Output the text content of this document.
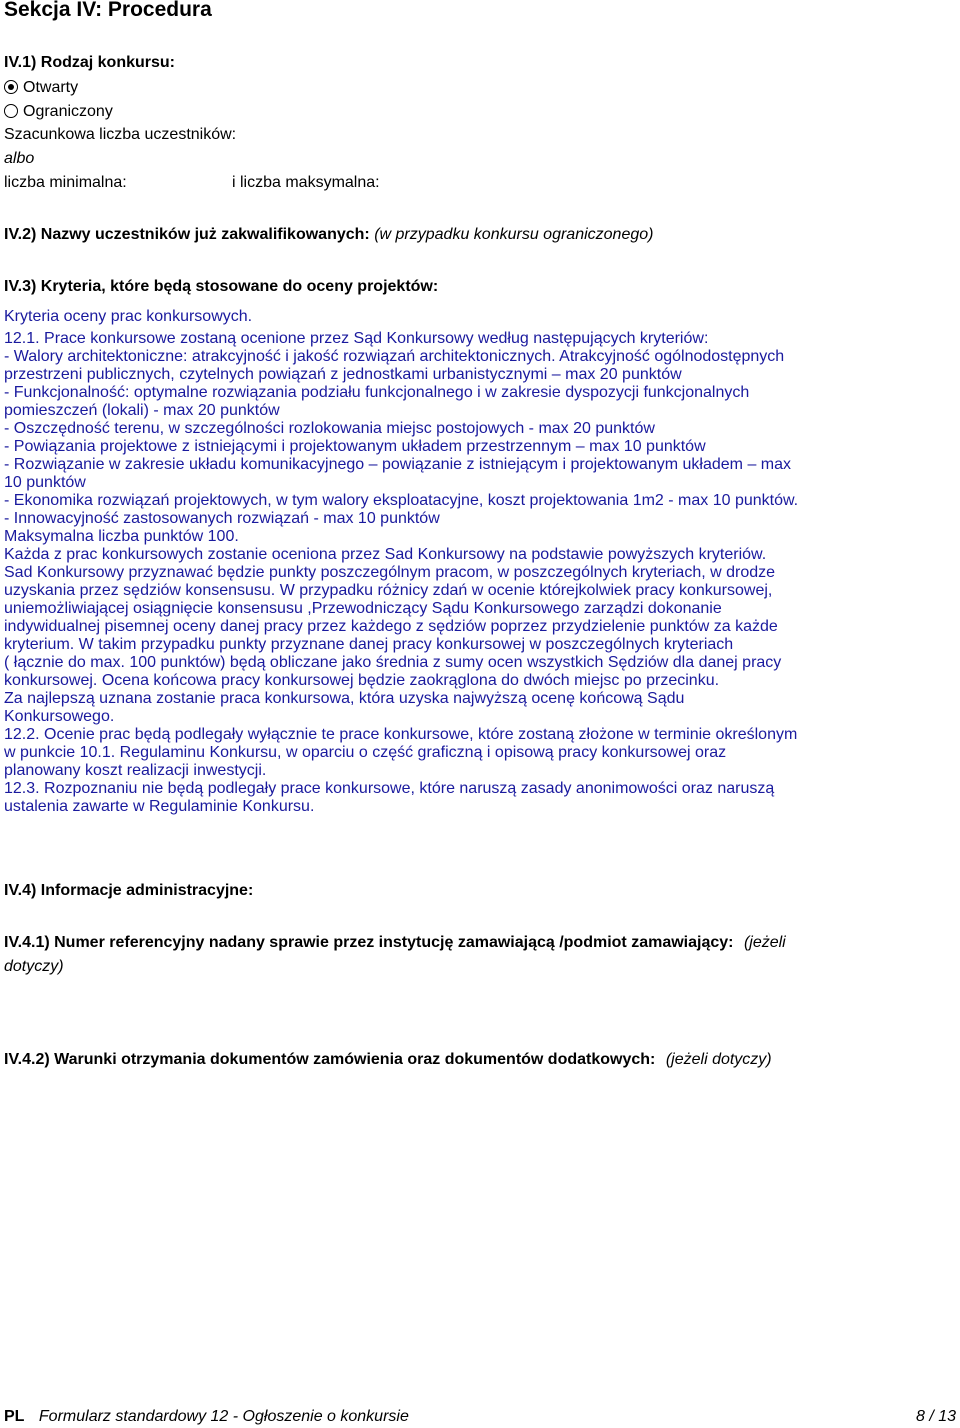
Sekcja IV: Procedura
IV.1) Rodzaj konkursu:
Otwarty
Ograniczony
Szacunkowa liczba uczestników:
albo
liczba minimalna:	i liczba maksymalna:
IV.2) Nazwy uczestników już zakwalifikowanych: (w przypadku konkursu ograniczonego)
IV.3) Kryteria, które będą stosowane do oceny projektów:
Kryteria oceny prac konkursowych.
12.1. Prace konkursowe zostaną ocenione przez Sąd Konkursowy według następujących kryteriów:
- Walory architektoniczne: atrakcyjność i jakość rozwiązań architektonicznych. Atrakcyjność ogólnodostępnych
przestrzeni publicznych, czytelnych powiązań z jednostkami urbanistycznymi – max 20 punktów
- Funkcjonalność: optymalne rozwiązania podziału funkcjonalnego i w zakresie dyspozycji funkcjonalnych
pomieszczeń (lokali) - max 20 punktów
- Oszczędność terenu, w szczególności rozlokowania miejsc postojowych - max 20 punktów
- Powiązania projektowe z istniejącymi i projektowanym układem przestrzennym – max 10 punktów
- Rozwiązanie w zakresie układu komunikacyjnego – powiązanie z istniejącym i projektowanym układem – max
10 punktów
- Ekonomika rozwiązań projektowych, w tym walory eksploatacyjne, koszt projektowania 1m2 - max 10 punktów.
- Innowacyjność zastosowanych rozwiązań - max 10 punktów
Maksymalna liczba punktów 100.
Każda z prac konkursowych zostanie oceniona przez Sad Konkursowy na podstawie powyższych kryteriów.
Sad Konkursowy przyznawać będzie punkty poszczególnym pracom, w poszczególnych kryteriach, w drodze
uzyskania przez sędziów konsensusu. W przypadku różnicy zdań w ocenie którejkolwiek pracy konkursowej,
uniemożliwiającej osiągnięcie konsensusu ,Przewodniczący Sądu Konkursowego zarządzi dokonanie
indywidualnej pisemnej oceny danej pracy przez każdego z sędziów poprzez przydzielenie punktów za każde
kryterium. W takim przypadku punkty przyznane danej pracy konkursowej w poszczególnych kryteriach
( łącznie do max. 100 punktów) będą obliczane jako średnia z sumy ocen wszystkich Sędziów dla danej pracy
konkursowej. Ocena końcowa pracy konkursowej będzie zaokrąglona do dwóch miejsc po przecinku.
Za najlepszą uznana zostanie praca konkursowa, która uzyska najwyższą ocenę końcową Sądu
Konkursowego.
12.2. Ocenie prac będą podlegały wyłącznie te prace konkursowe, które zostaną złożone w terminie określonym
w punkcie 10.1. Regulaminu Konkursu, w oparciu o część graficzną i opisową pracy konkursowej oraz
planowany koszt realizacji inwestycji.
12.3. Rozpoznaniu nie będą podlegały prace konkursowe, które naruszą zasady anonimowości oraz naruszą
ustalenia zawarte w Regulaminie Konkursu.
IV.4) Informacje administracyjne:
IV.4.1) Numer referencyjny nadany sprawie przez instytucję zamawiającą /podmiot zamawiający: (jeżeli
dotyczy)
IV.4.2) Warunki otrzymania dokumentów zamówienia oraz dokumentów dodatkowych: (jeżeli dotyczy)
PL Formularz standardowy 12 - Ogłoszenie o konkursie	8 / 13
